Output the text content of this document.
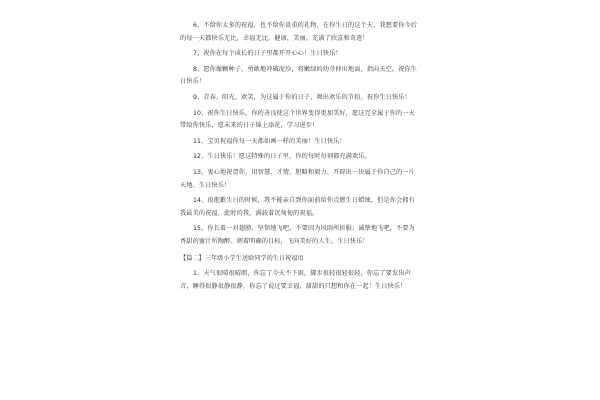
6、不给你太多的祝福，也不给你贵重的礼物，在你生日的这个天，我想要你今后的每一天都快乐无比，幸福无比，健康，美丽，充满了欣喜和奇迹！

7、祝你在每个成长的日子里都开开心心！生日快乐！

8、愿你像颗种子，勇敢地冲破泥沙，将嫩绿的幼芽伸出地面，指向天空。祝你生日快乐！

9、青春、阳光、欢笑，为这属于你的日子，舞出欢乐的节拍。祝你生日快乐！

10、祝你生日快乐，你的善良使这个世界变得更加美好，愿这完全属于你的一天带给你快乐，愿未来的日子锦上添花，学习进步！

11、宝贝祝福你每一天都如画一样的美丽！生日快乐！

12、生日快乐！愿这特殊的日子里，你的每时每刻都充满欢乐。

13、衷心地祝贺你，用智慧、才情，胆略和毅力，开辟出一块属于你自己的一片天地，生日快乐！

14、很抱歉生日的时候，我不能亲自到你面前给你点燃生日蜡烛，但是你会拥有我最美的祝福，此时的我，满载着沉甸甸的祝福。

15、你长着一对翅膀，坚韧地飞吧，不要因为风雨所折服；诚挚地飞吧，不要为香甜的蜜汁所陶醉。朝着明确的目标，飞向美好的人生。生日快乐！

【篇二】三年级小学生送给同学的生日祝福语

1、天气很晴很晴朗，你忘了今天不下雨，脚步很轻很轻很轻，你忘了要发出声音，睡得很静很静很静，你忘了说过要幸福，甜甜的只想和你在一起！生日快乐！
